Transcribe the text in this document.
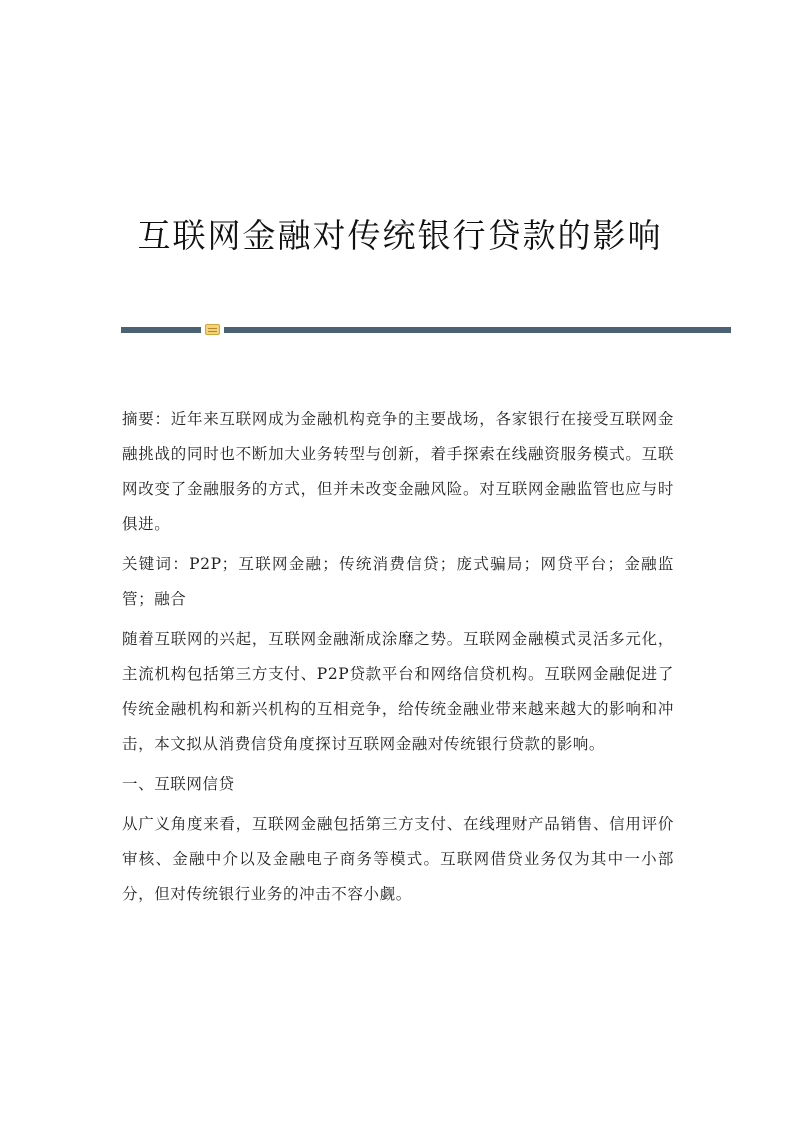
互联网金融对传统银行贷款的影响

摘要：近年来互联网成为金融机构竞争的主要战场，各家银行在接受互联网金融挑战的同时也不断加大业务转型与创新，着手探索在线融资服务模式。互联网改变了金融服务的方式，但并未改变金融风险。对互联网金融监管也应与时俱进。

关键词：P2P；互联网金融；传统消费信贷；庞式骗局；网贷平台；金融监管；融合

随着互联网的兴起，互联网金融渐成涂靡之势。互联网金融模式灵活多元化，主流机构包括第三方支付、P2P贷款平台和网络信贷机构。互联网金融促进了传统金融机构和新兴机构的互相竞争，给传统金融业带来越来越大的影响和冲击，本文拟从消费信贷角度探讨互联网金融对传统银行贷款的影响。

一、互联网信贷

从广义角度来看，互联网金融包括第三方支付、在线理财产品销售、信用评价审核、金融中介以及金融电子商务等模式。互联网借贷业务仅为其中一小部分，但对传统银行业务的冲击不容小觑。
